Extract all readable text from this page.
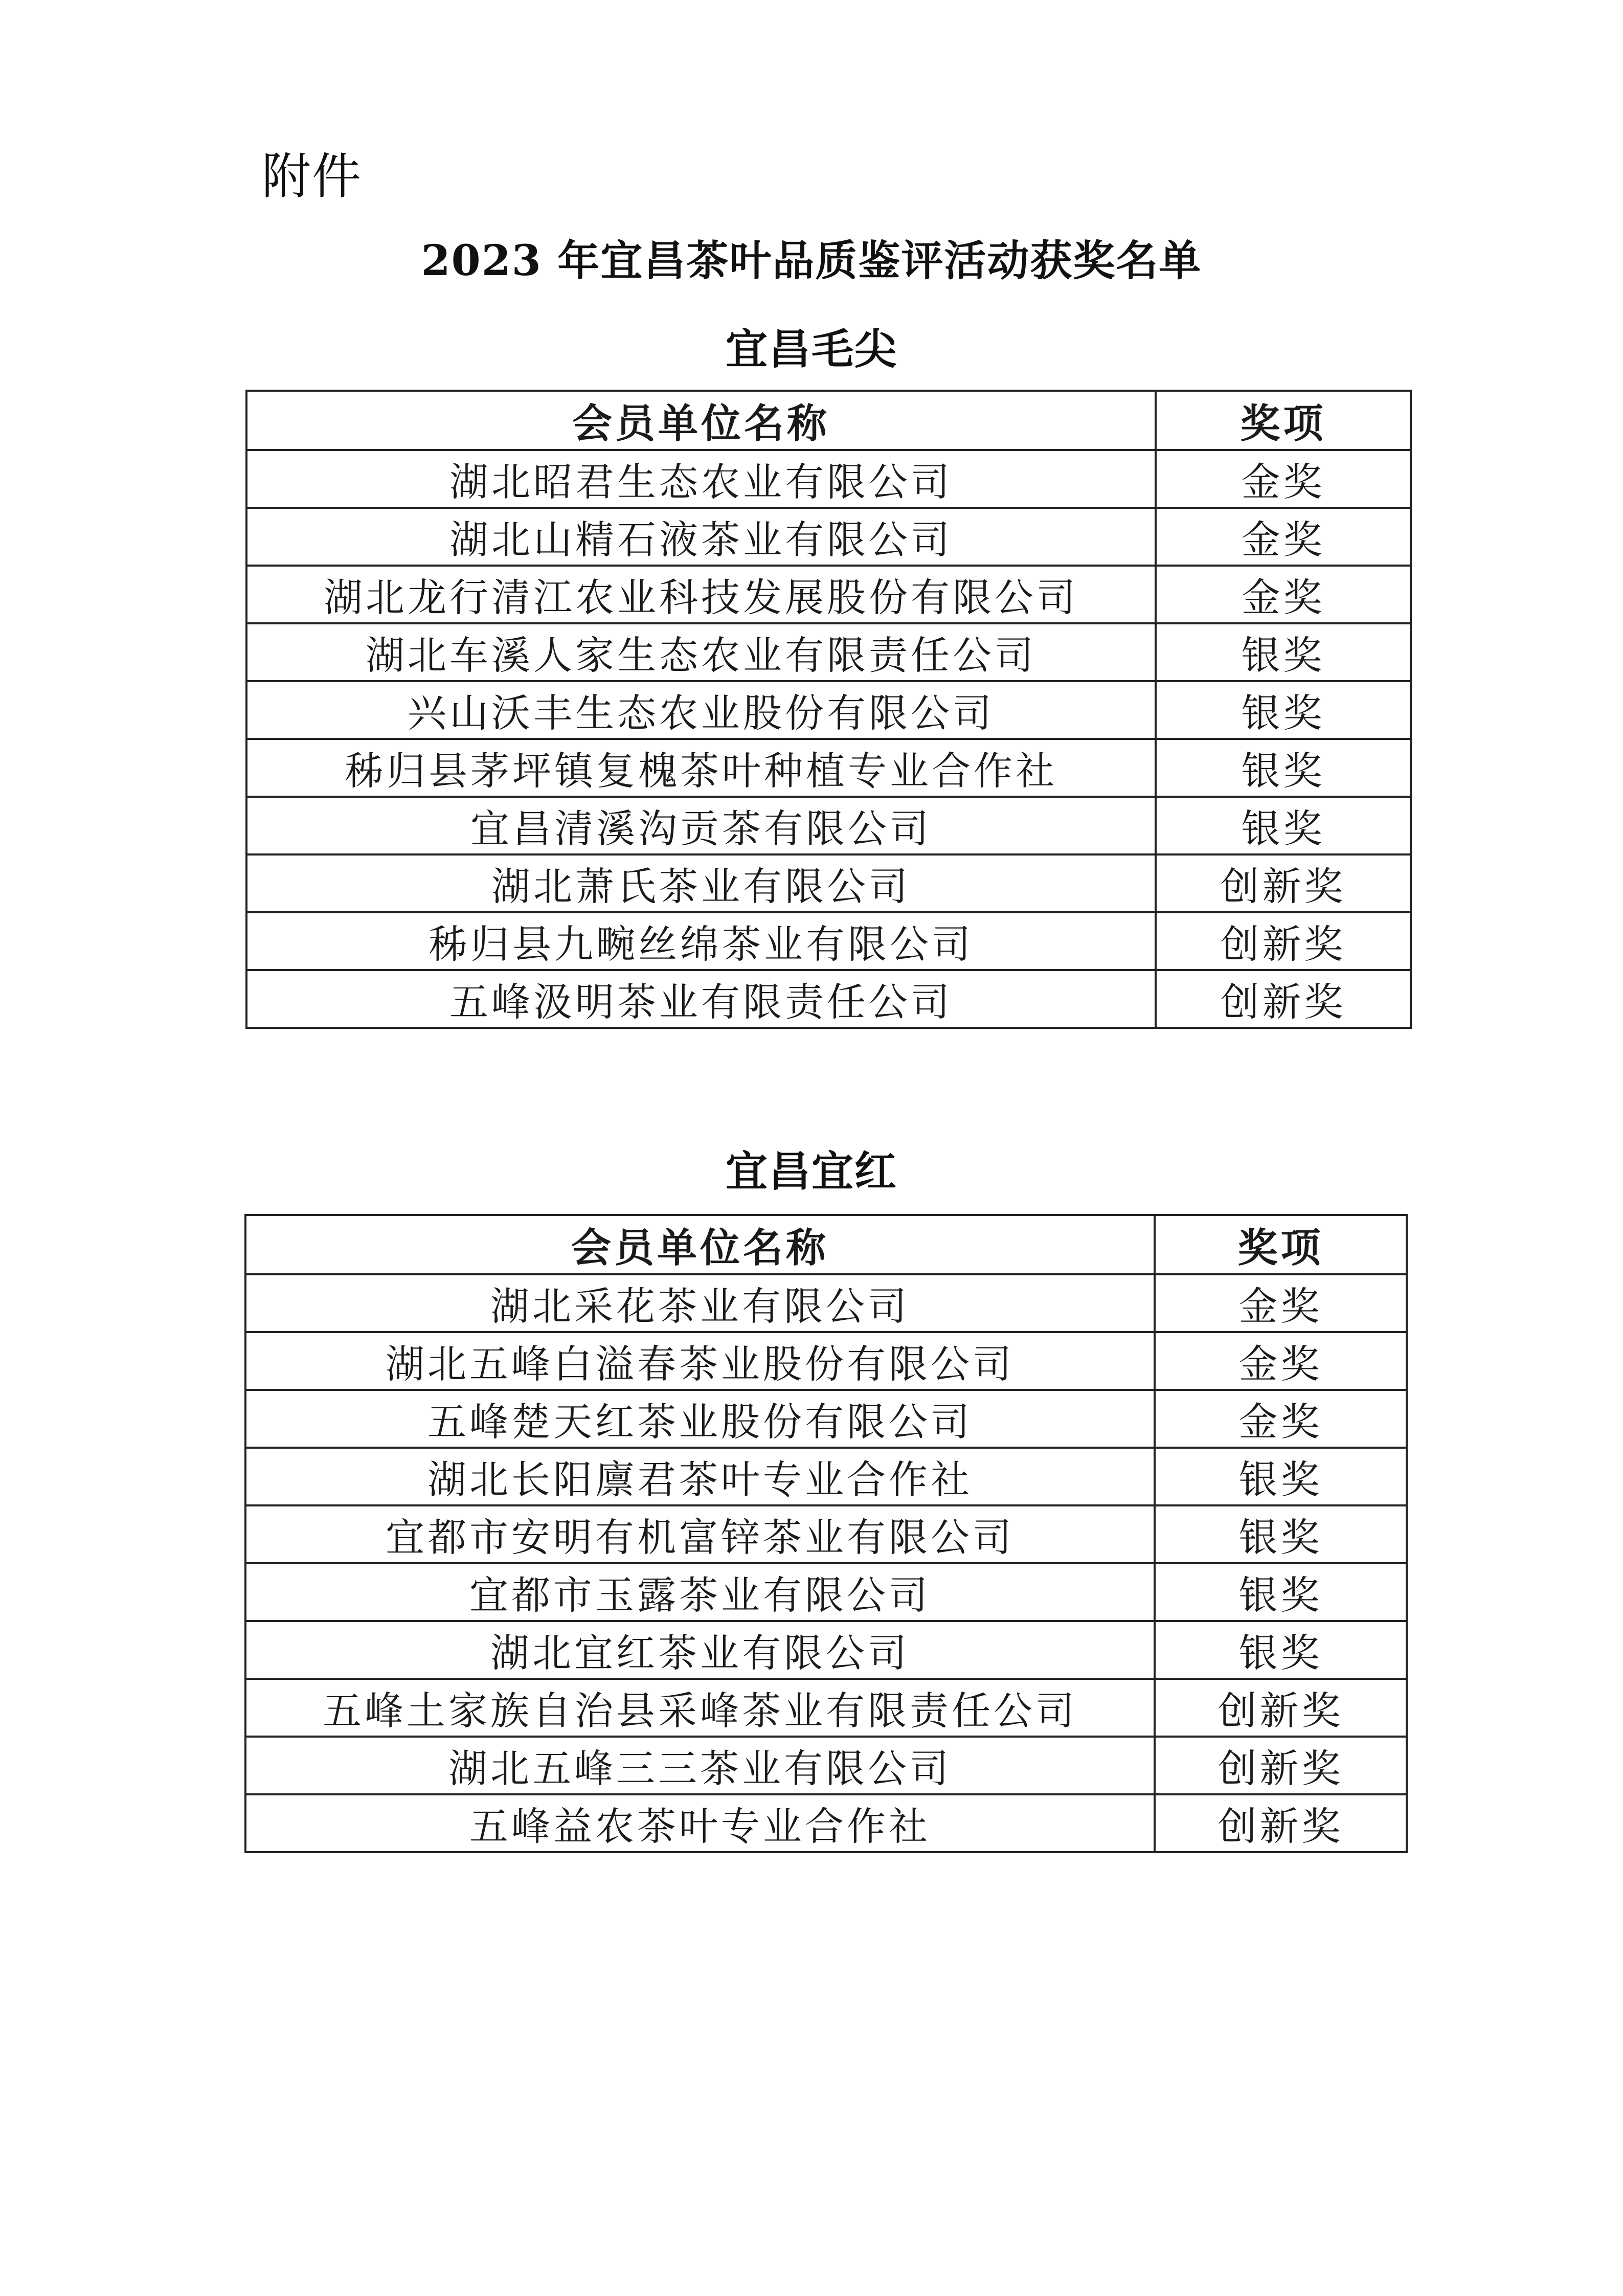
附件
2023 年宜昌茶叶品质鉴评活动获奖名单
宜昌毛尖
会员单位名称	奖项
湖北昭君生态农业有限公司	金奖
湖北山精石液茶业有限公司	金奖
湖北龙行清江农业科技发展股份有限公司	金奖
湖北车溪人家生态农业有限责任公司	银奖
兴山沃丰生态农业股份有限公司	银奖
秭归县茅坪镇复槐茶叶种植专业合作社	银奖
宜昌清溪沟贡茶有限公司	银奖
湖北萧氏茶业有限公司	创新奖
秭归县九畹丝绵茶业有限公司	创新奖
五峰汲明茶业有限责任公司	创新奖
宜昌宜红
会员单位名称	奖项
湖北采花茶业有限公司	金奖
湖北五峰白溢春茶业股份有限公司	金奖
五峰楚天红茶业股份有限公司	金奖
湖北长阳廪君茶叶专业合作社	银奖
宜都市安明有机富锌茶业有限公司	银奖
宜都市玉露茶业有限公司	银奖
湖北宜红茶业有限公司	银奖
五峰土家族自治县采峰茶业有限责任公司	创新奖
湖北五峰三三茶业有限公司	创新奖
五峰益农茶叶专业合作社	创新奖
